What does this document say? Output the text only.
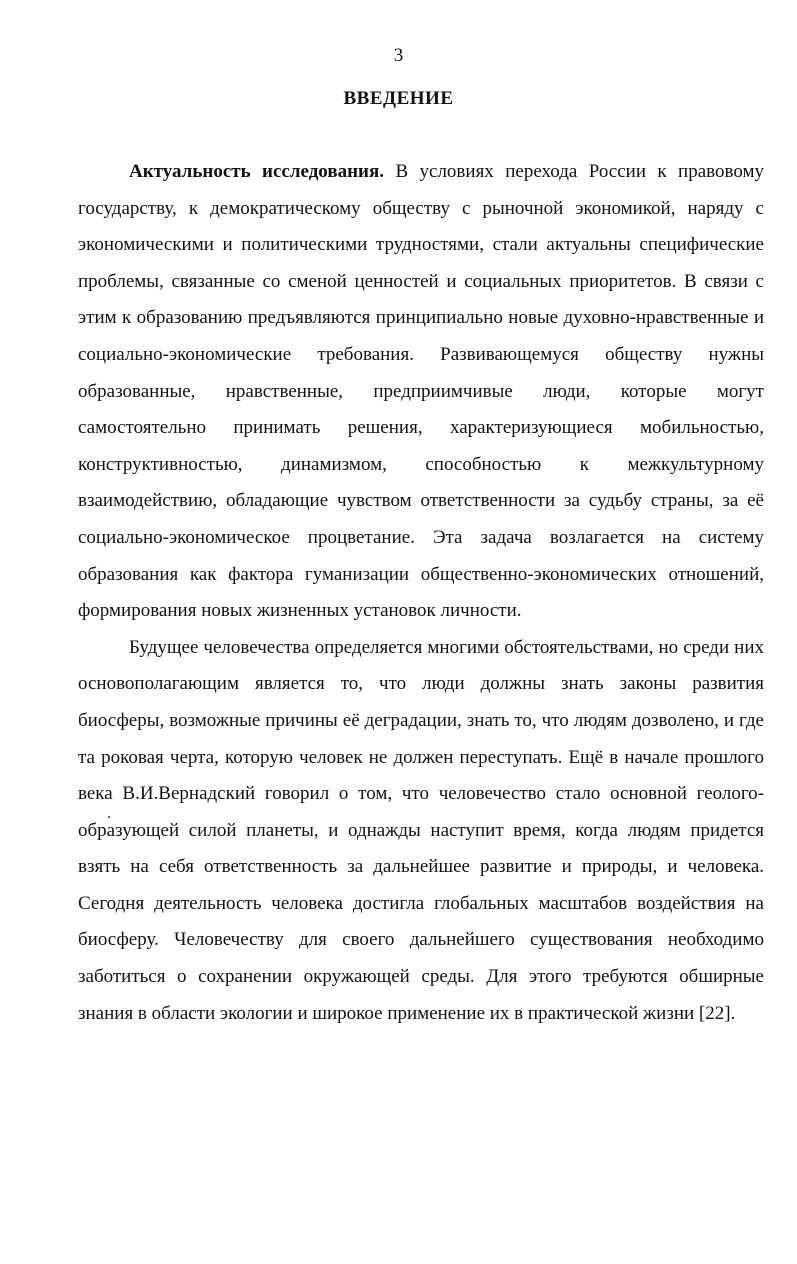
3
ВВЕДЕНИЕ

Актуальность исследования. В условиях перехода России к правовому государству, к демократическому обществу с рыночной экономикой, наряду с экономическими и политическими трудностями, стали актуальны специфические проблемы, связанные со сменой ценностей и социальных приоритетов. В связи с этим к образованию предъявляются принципиально новые духовно-нравственные и социально-экономические требования. Развивающемуся обществу нужны образованные, нравственные, предприимчивые люди, которые могут самостоятельно принимать решения, характеризующиеся мобильностью, конструктивностью, динамизмом, способностью к межкультурному взаимодействию, обладающие чувством ответственности за судьбу страны, за её социально-экономическое процветание. Эта задача возлагается на систему образования как фактора гуманизации общественно-экономических отношений, формирования новых жизненных установок личности.

Будущее человечества определяется многими обстоятельствами, но среди них основополагающим является то, что люди должны знать законы развития биосферы, возможные причины её деградации, знать то, что людям дозволено, и где та роковая черта, которую человек не должен переступать. Ещё в начале прошлого века В.И.Вернадский говорил о том, что человечество стало основной геолого-образующей силой планеты, и однажды наступит время, когда людям придется взять на себя ответственность за дальнейшее развитие и природы, и человека. Сегодня деятельность человека достигла глобальных масштабов воздействия на биосферу. Человечеству для своего дальнейшего существования необходимо заботиться о сохранении окружающей среды. Для этого требуются обширные знания в области экологии и широкое применение их в практической жизни [22].
